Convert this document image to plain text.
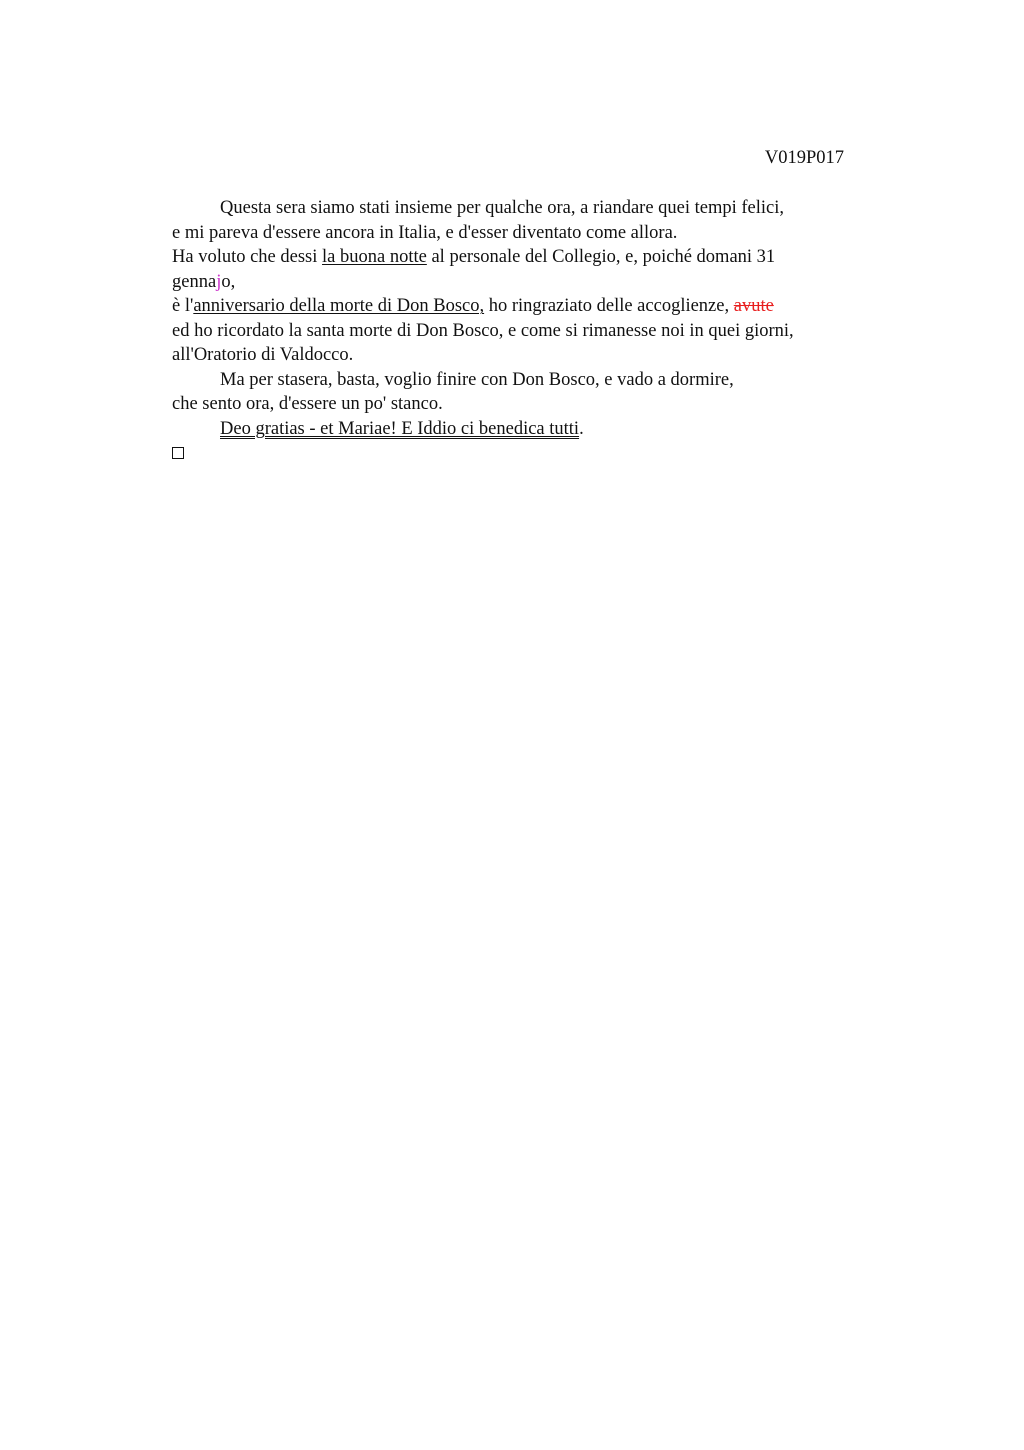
V019P017
Questa sera siamo stati insieme per qualche ora, a riandare quei tempi felici,
e mi pareva d'essere ancora in Italia, e d'esser diventato come allora.
Ha voluto che dessi la buona notte al personale del Collegio, e, poiché domani 31
gennajo,
è l'anniversario della morte di Don Bosco, ho ringraziato delle accoglienze, avute
ed ho ricordato la santa morte di Don Bosco, e come si rimanesse noi in quei giorni,
all'Oratorio di Valdocco.
Ma per stasera, basta, voglio finire con Don Bosco, e vado a dormire,
che sento ora, d'essere un po' stanco.
Deo gratias - et Mariae! E Iddio ci benedica tutti.
